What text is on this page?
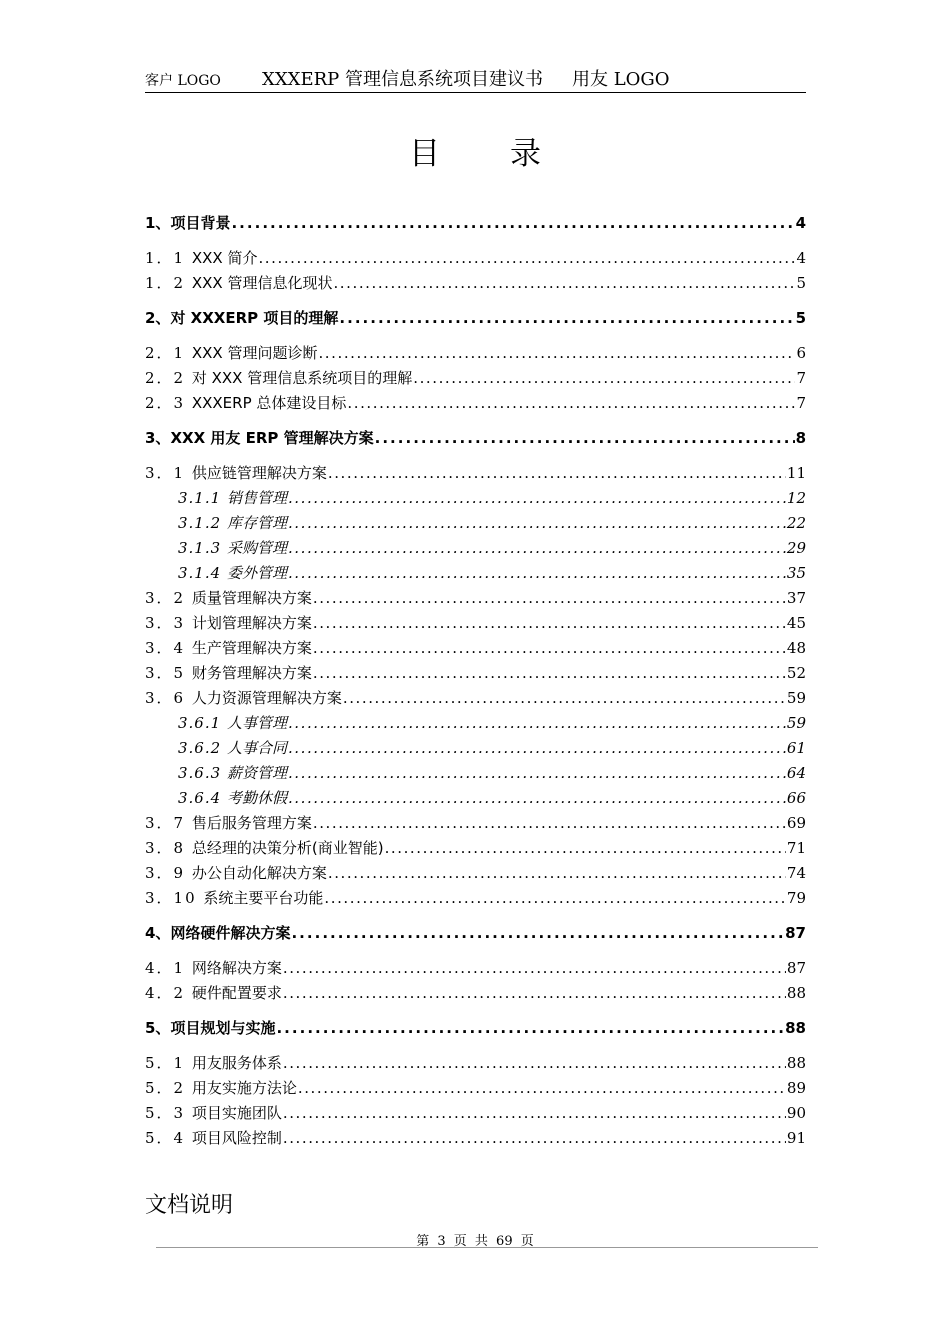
客户 LOGO XXXERP 管理信息系统项目建议书 用友 LOGO
目录
1、项目背景 . . .	4
1．1 XXX 简介 . . .	4
1．2 XXX 管理信息化现状 . . .	5
2、对 XXXERP 项目的理解 . . .	5
2．1 XXX 管理问题诊断 . . .	6
2．2 对 XXX 管理信息系统项目的理解 . . .	7
2．3 XXXERP 总体建设目标 . . .	7
3、XXX 用友 ERP 管理解决方案 . . .	8
3．1 供应链管理解决方案 . . .	11
3.1.1 销售管理 . . .	12
3.1.2 库存管理 . . .	22
3.1.3 采购管理 . . .	29
3.1.4 委外管理 . . .	35
3．2 质量管理解决方案 . . .	37
3．3 计划管理解决方案 . . .	45
3．4 生产管理解决方案 . . .	48
3．5 财务管理解决方案 . . .	52
3．6 人力资源管理解决方案 . . .	59
3.6.1 人事管理 . . .	59
3.6.2 人事合同 . . .	61
3.6.3 薪资管理 . . .	64
3.6.4 考勤休假 . . .	66
3．7 售后服务管理方案 . . .	69
3．8 总经理的决策分析(商业智能) . . .	71
3．9 办公自动化解决方案 . . .	74
3．10 系统主要平台功能 . . .	79
4、网络硬件解决方案 . . .	87
4．1 网络解决方案 . . .	87
4．2 硬件配置要求 . . .	88
5、项目规划与实施 . . .	88
5．1 用友服务体系 . . .	88
5．2 用友实施方法论 . . .	89
5．3 项目实施团队 . . .	90
5．4 项目风险控制 . . .	91
文档说明
第 3 页 共 69 页
